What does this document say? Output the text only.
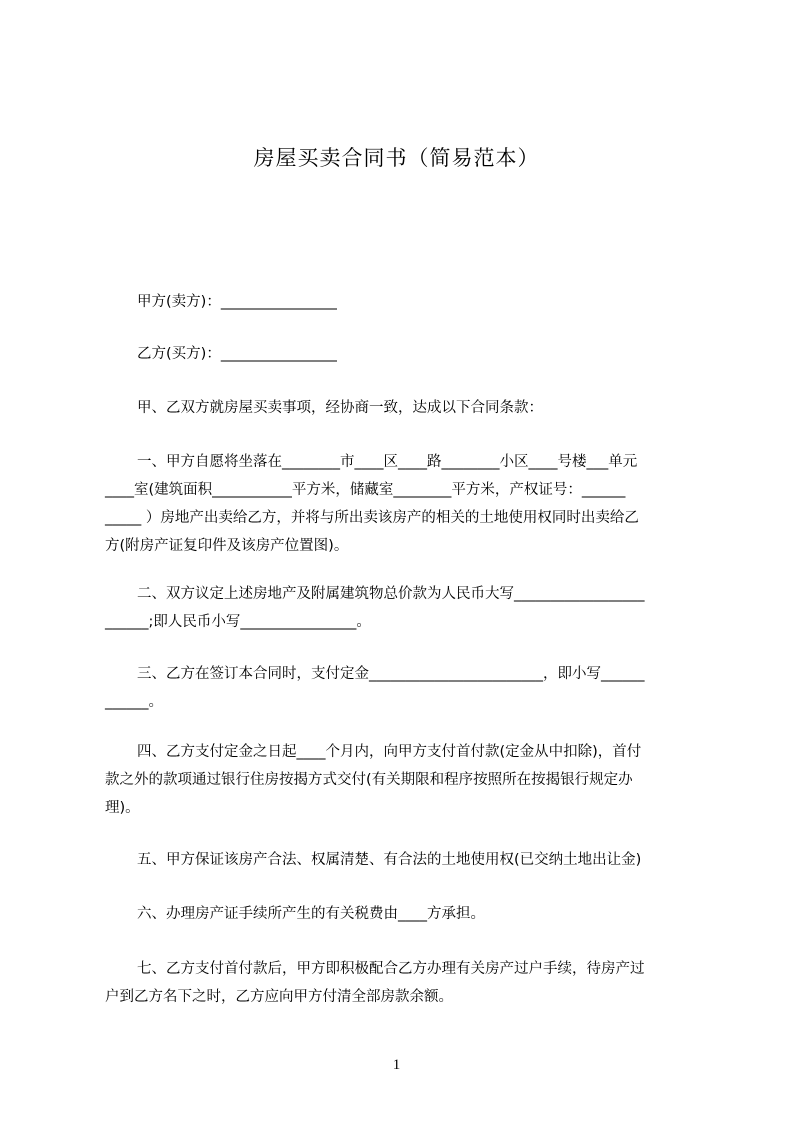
房屋买卖合同书（简易范本）
甲方(卖方)：________________
乙方(买方)：________________
甲、乙双方就房屋买卖事项，经协商一致，达成以下合同条款：
一、甲方自愿将坐落在________市____区____路________小区____号楼___单元
____室(建筑面积___________平方米，储藏室________平方米，产权证号：______
_____ ）房地产出卖给乙方，并将与所出卖该房产的相关的土地使用权同时出卖给乙
方(附房产证复印件及该房产位置图)。
二、双方议定上述房地产及附属建筑物总价款为人民币大写__________________
______;即人民币小写________________。
三、乙方在签订本合同时，支付定金________________________，即小写______
______。
四、乙方支付定金之日起____个月内，向甲方支付首付款(定金从中扣除)，首付
款之外的款项通过银行住房按揭方式交付(有关期限和程序按照所在按揭银行规定办
理)。
五、甲方保证该房产合法、权属清楚、有合法的土地使用权(已交纳土地出让金)
六、办理房产证手续所产生的有关税费由____方承担。
七、乙方支付首付款后，甲方即积极配合乙方办理有关房产过户手续，待房产过
户到乙方名下之时，乙方应向甲方付清全部房款余额。
1
